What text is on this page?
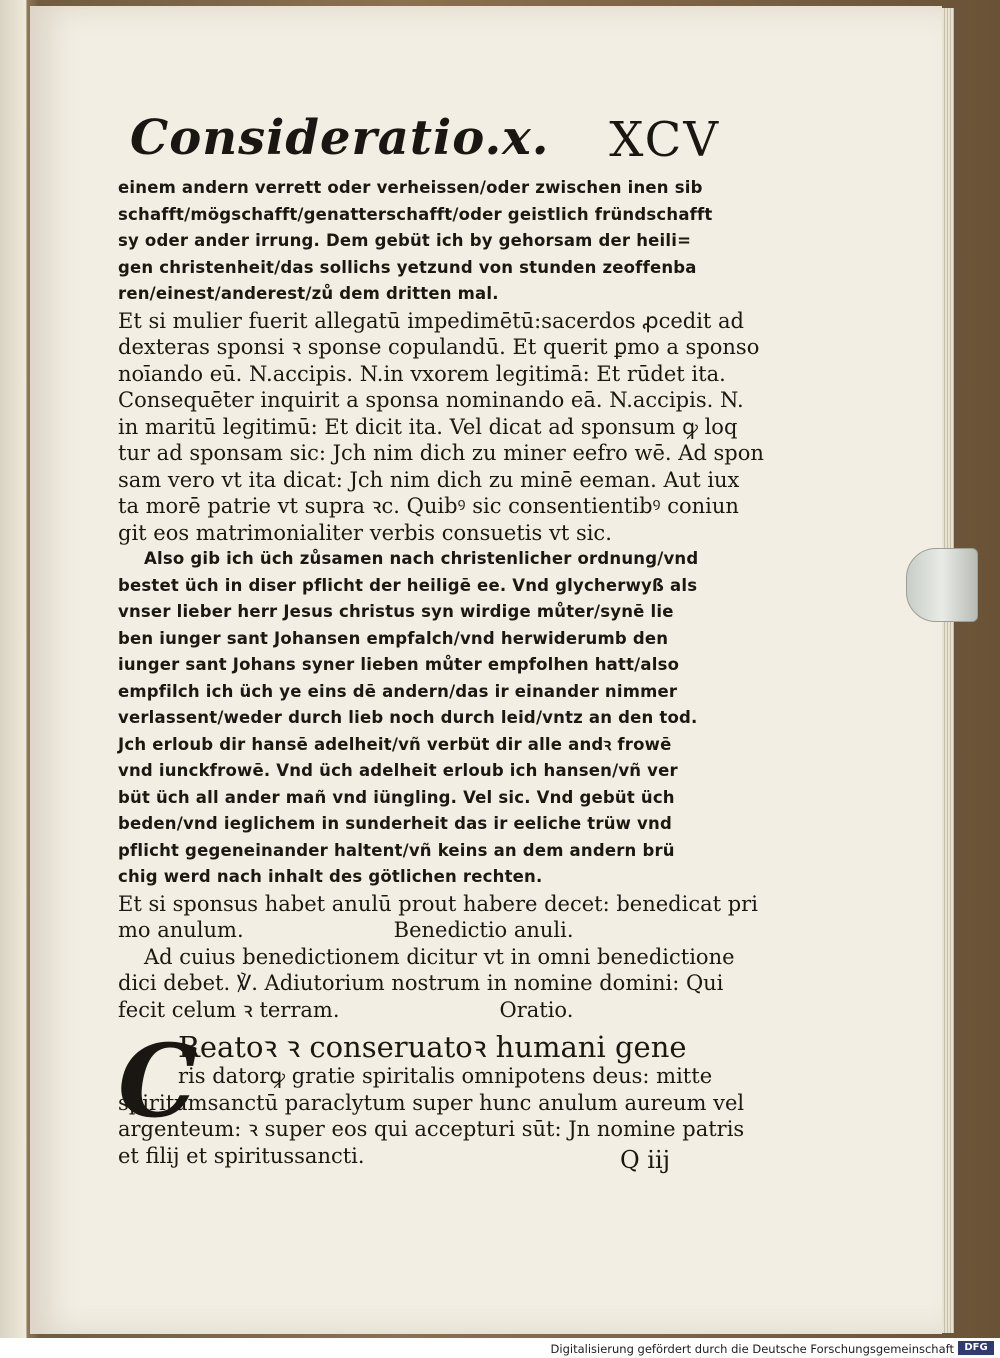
Consideratio.x. XCV
einem andern verrett oder verheissen/oder zwischen inen sib
schafft/mögschafft/genatterschafft/oder geistlich fründschafft
sy oder ander irrung. Dem gebüt ich by gehorsam der heili=
gen christenheit/das sollichs yetzund von stunden zeoffenba
ren/einest/anderest/zů dem dritten mal.
Et si mulier fuerit allegatū impedimētū:sacerdos ꝓcedit ad
dexteras sponsi ꝛ sponse copulandū. Et querit ꝑmo a sponso
noīando eū. N.accipis. N.in vxorem legitimā: Et rūdet ita.
Consequēter inquirit a sponsa nominando eā. N.accipis. N.
in maritū legitimū: Et dicit ita. Vel dicat ad sponsum ꝙ loq
tur ad sponsam sic: Jch nim dich zu miner eefro wē. Ad spon
sam vero vt ita dicat: Jch nim dich zu minē eeman. Aut iux
ta morē patrie vt supra ꝛc. Quibꝰ sic consentientibꝰ coniun
git eos matrimonialiter verbis consuetis vt sic.
Also gib ich üch zůsamen nach christenlicher ordnung/vnd
bestet üch in diser pflicht der heiligē ee. Vnd glycherwyß als
vnser lieber herr Jesus christus syn wirdige můter/synē lie
ben iunger sant Johansen empfalch/vnd herwiderumb den
iunger sant Johans syner lieben můter empfolhen hatt/also
empfilch ich üch ye eins dē andern/das ir einander nimmer
verlassent/weder durch lieb noch durch leid/vntz an den tod.
Jch erloub dir hansē adelheit/vñ verbüt dir alle andꝛ frowē
vnd iunckfrowē. Vnd üch adelheit erloub ich hansen/vñ ver
büt üch all ander mañ vnd iüngling. Vel sic. Vnd gebüt üch
beden/vnd ieglichem in sunderheit das ir eeliche trüw vnd
pflicht gegeneinander haltent/vñ keins an dem andern brü
chig werd nach inhalt des götlichen rechten.
Et si sponsus habet anulū prout habere decet: benedicat pri
mo anulum.	Benedictio anuli.
Ad cuius benedictionem dicitur vt in omni benedictione
dici debet. ℣. Adiutorium nostrum in nomine domini: Qui
fecit celum ꝛ terram.	Oratio.
C
Reatoꝛ ꝛ conseruatoꝛ humani gene
ris datorꝙ gratie spiritalis omnipotens deus: mitte
spiritumsanctū paraclytum super hunc anulum aureum vel
argenteum: ꝛ super eos qui accepturi sūt: Jn nomine patris
et filij et spiritussancti.	Q iij
Digitalisierung gefördert durch die Deutsche Forschungsgemeinschaft	DFG
